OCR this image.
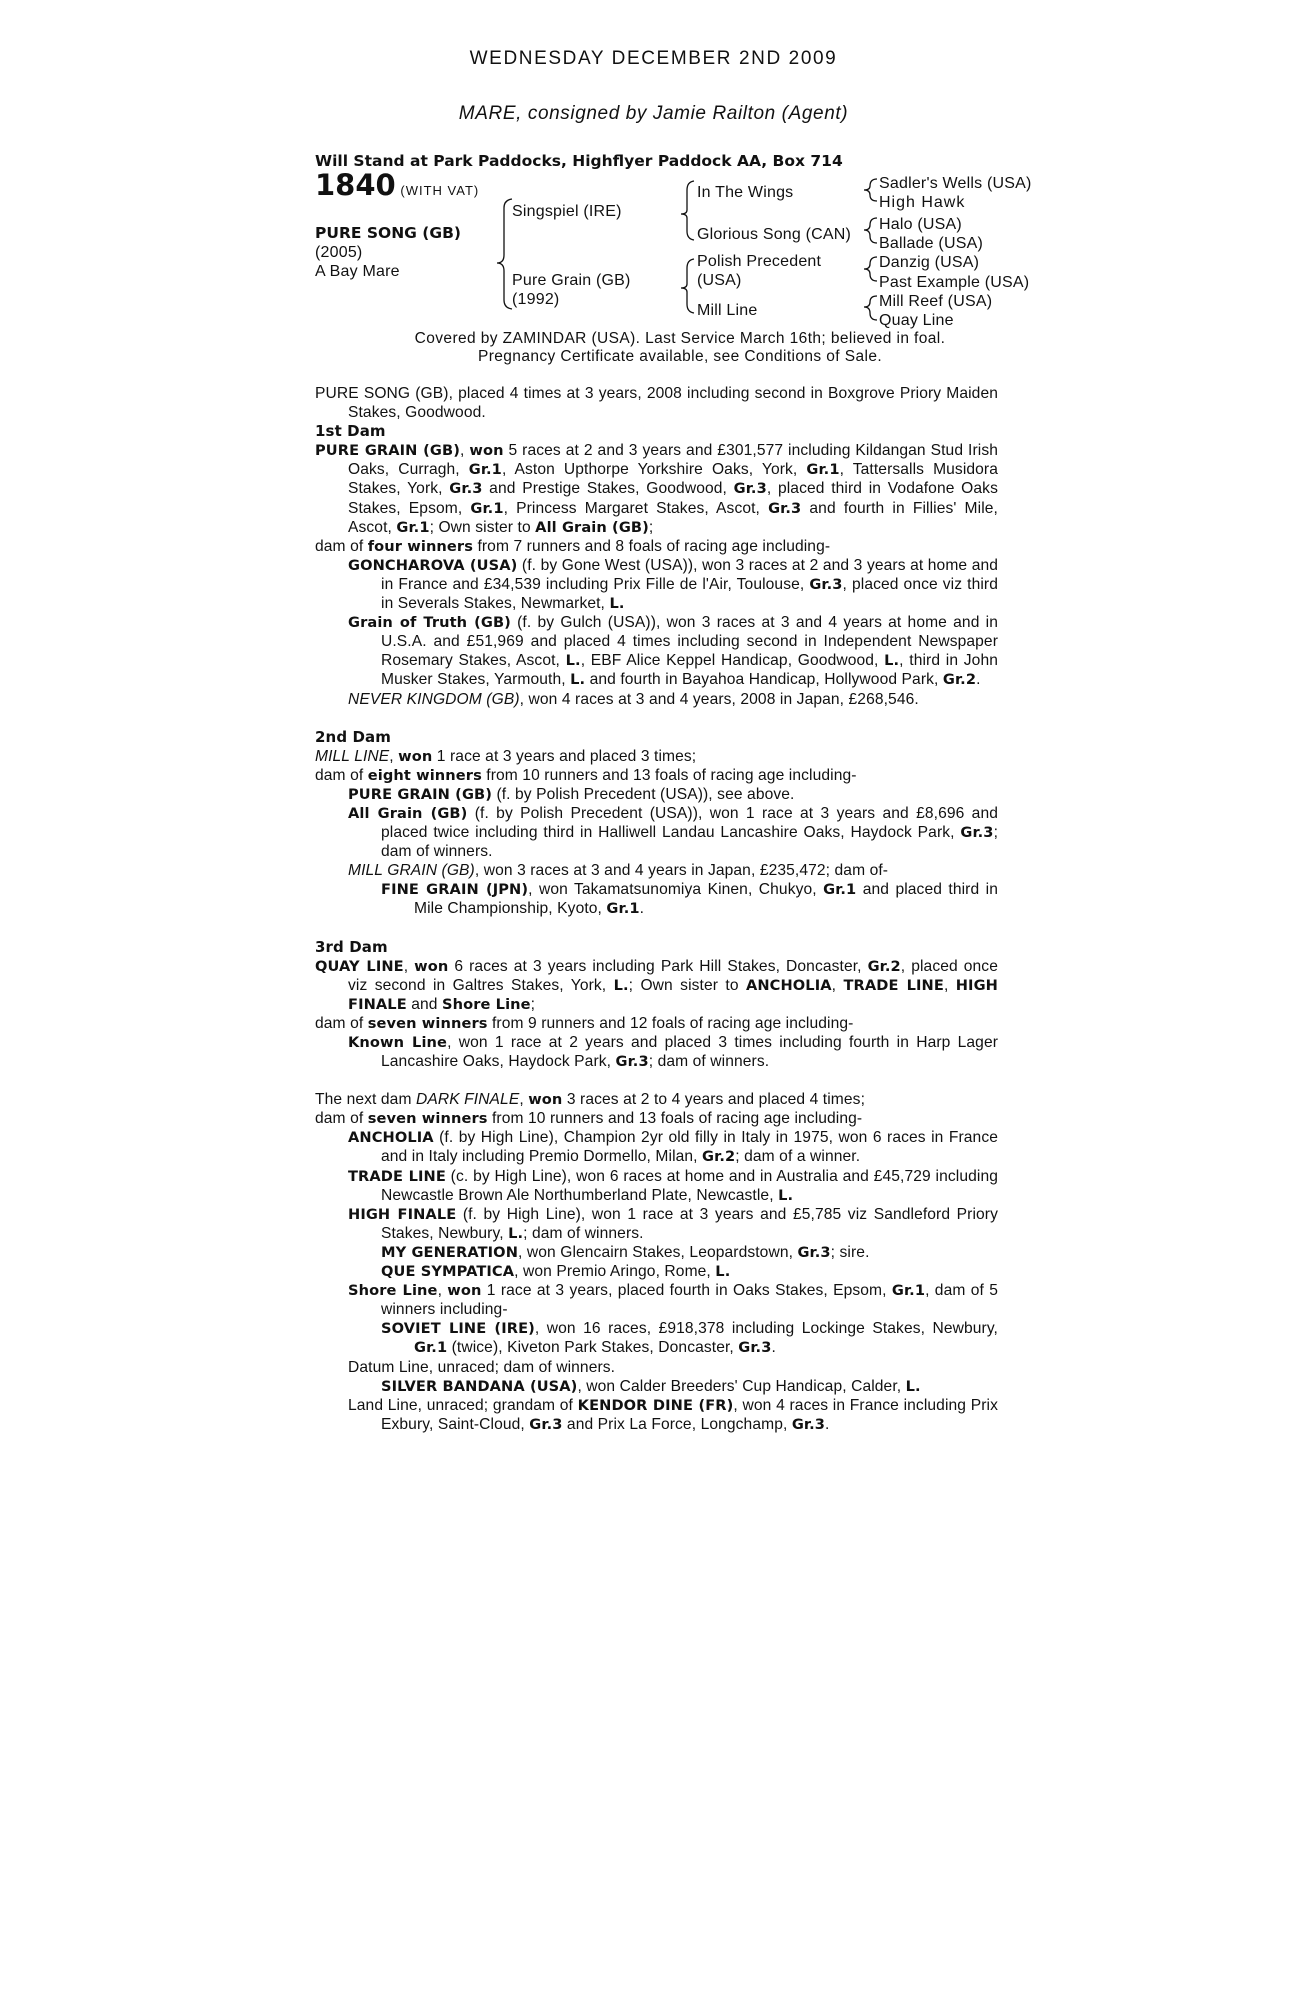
WEDNESDAY DECEMBER 2ND 2009
MARE, consigned by Jamie Railton (Agent)
Will Stand at Park Paddocks, Highflyer Paddock AA, Box 714
1840 (WITH VAT)
PURE SONG (GB)
(2005)
A Bay Mare
Singspiel (IRE)
Pure Grain (GB)
(1992)
In The Wings
Glorious Song (CAN)
Polish Precedent
(USA)
Mill Line
Sadler's Wells (USA)
High Hawk
Halo (USA)
Ballade (USA)
Danzig (USA)
Past Example (USA)
Mill Reef (USA)
Quay Line
Covered by ZAMINDAR (USA). Last Service March 16th; believed in foal.
Pregnancy Certificate available, see Conditions of Sale.

PURE SONG (GB), placed 4 times at 3 years, 2008 including second in Boxgrove Priory Maiden Stakes, Goodwood.

1st Dam

PURE GRAIN (GB), won 5 races at 2 and 3 years and £301,577 including Kildangan Stud Irish Oaks, Curragh, Gr.1, Aston Upthorpe Yorkshire Oaks, York, Gr.1, Tattersalls Musidora Stakes, York, Gr.3 and Prestige Stakes, Goodwood, Gr.3, placed third in Vodafone Oaks Stakes, Epsom, Gr.1, Princess Margaret Stakes, Ascot, Gr.3 and fourth in Fillies' Mile, Ascot, Gr.1; Own sister to All Grain (GB);

dam of four winners from 7 runners and 8 foals of racing age including-

GONCHAROVA (USA) (f. by Gone West (USA)), won 3 races at 2 and 3 years at home and in France and £34,539 including Prix Fille de l'Air, Toulouse, Gr.3, placed once viz third in Severals Stakes, Newmarket, L.

Grain of Truth (GB) (f. by Gulch (USA)), won 3 races at 3 and 4 years at home and in U.S.A. and £51,969 and placed 4 times including second in Independent Newspaper Rosemary Stakes, Ascot, L., EBF Alice Keppel Handicap, Goodwood, L., third in John Musker Stakes, Yarmouth, L. and fourth in Bayahoa Handicap, Hollywood Park, Gr.2.

NEVER KINGDOM (GB), won 4 races at 3 and 4 years, 2008 in Japan, £268,546.

2nd Dam

MILL LINE, won 1 race at 3 years and placed 3 times;

dam of eight winners from 10 runners and 13 foals of racing age including-

PURE GRAIN (GB) (f. by Polish Precedent (USA)), see above.

All Grain (GB) (f. by Polish Precedent (USA)), won 1 race at 3 years and £8,696 and placed twice including third in Halliwell Landau Lancashire Oaks, Haydock Park, Gr.3; dam of winners.

MILL GRAIN (GB), won 3 races at 3 and 4 years in Japan, £235,472; dam of-

FINE GRAIN (JPN), won Takamatsunomiya Kinen, Chukyo, Gr.1 and placed third in Mile Championship, Kyoto, Gr.1.

3rd Dam

QUAY LINE, won 6 races at 3 years including Park Hill Stakes, Doncaster, Gr.2, placed once viz second in Galtres Stakes, York, L.; Own sister to ANCHOLIA, TRADE LINE, HIGH FINALE and Shore Line;

dam of seven winners from 9 runners and 12 foals of racing age including-

Known Line, won 1 race at 2 years and placed 3 times including fourth in Harp Lager Lancashire Oaks, Haydock Park, Gr.3; dam of winners.

The next dam DARK FINALE, won 3 races at 2 to 4 years and placed 4 times;

dam of seven winners from 10 runners and 13 foals of racing age including-

ANCHOLIA (f. by High Line), Champion 2yr old filly in Italy in 1975, won 6 races in France and in Italy including Premio Dormello, Milan, Gr.2; dam of a winner.

TRADE LINE (c. by High Line), won 6 races at home and in Australia and £45,729 including Newcastle Brown Ale Northumberland Plate, Newcastle, L.

HIGH FINALE (f. by High Line), won 1 race at 3 years and £5,785 viz Sandleford Priory Stakes, Newbury, L.; dam of winners.

MY GENERATION, won Glencairn Stakes, Leopardstown, Gr.3; sire.

QUE SYMPATICA, won Premio Aringo, Rome, L.

Shore Line, won 1 race at 3 years, placed fourth in Oaks Stakes, Epsom, Gr.1, dam of 5 winners including-

SOVIET LINE (IRE), won 16 races, £918,378 including Lockinge Stakes, Newbury, Gr.1 (twice), Kiveton Park Stakes, Doncaster, Gr.3.

Datum Line, unraced; dam of winners.

SILVER BANDANA (USA), won Calder Breeders' Cup Handicap, Calder, L.

Land Line, unraced; grandam of KENDOR DINE (FR), won 4 races in France including Prix Exbury, Saint-Cloud, Gr.3 and Prix La Force, Longchamp, Gr.3.
